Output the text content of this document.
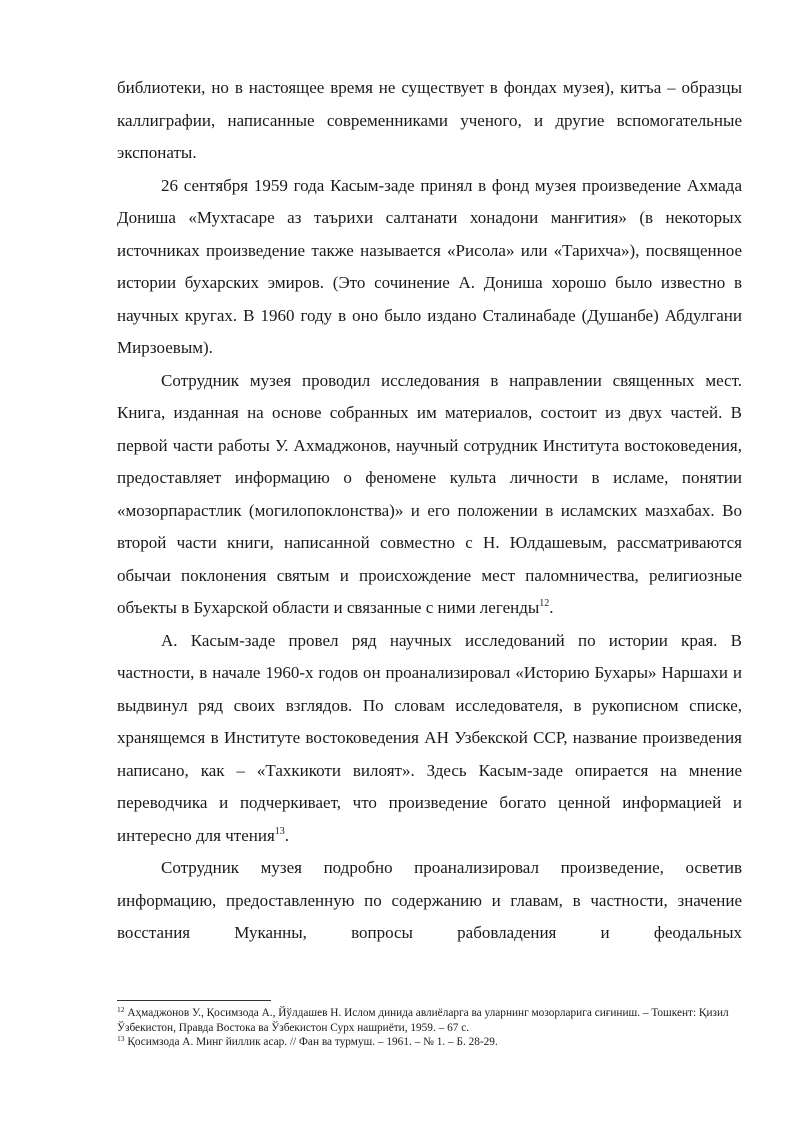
библиотеки, но в настоящее время не существует в фондах музея), китъа – образцы каллиграфии, написанные современниками ученого, и другие вспомогательные экспонаты.

26 сентября 1959 года Касым-заде принял в фонд музея произведение Ахмада Дониша «Мухтасаре аз таърихи салтанати хонадони манғития» (в некоторых источниках произведение также называется «Рисола» или «Тарихча»), посвященное истории бухарских эмиров. (Это сочинение А. Дониша хорошо было известно в научных кругах. В 1960 году в оно было издано Сталинабаде (Душанбе) Абдулгани Мирзоевым).

Сотрудник музея проводил исследования в направлении священных мест. Книга, изданная на основе собранных им материалов, состоит из двух частей. В первой части работы У. Ахмаджонов, научный сотрудник Института востоковедения, предоставляет информацию о феномене культа личности в исламе, понятии «мозорпарастлик (могилопоклонства)» и его положении в исламских мазхабах. Во второй части книги, написанной совместно с Н. Юлдашевым, рассматриваются обычаи поклонения святым и происхождение мест паломничества, религиозные объекты в Бухарской области и связанные с ними легенды$^{12}$.

А. Касым-заде провел ряд научных исследований по истории края. В частности, в начале 1960-х годов он проанализировал «Историю Бухары» Наршахи и выдвинул ряд своих взглядов. По словам исследователя, в рукописном списке, хранящемся в Институте востоковедения АН Узбекской ССР, название произведения написано, как – «Тахкикоти вилоят». Здесь Касым-заде опирается на мнение переводчика и подчеркивает, что произведение богато ценной информацией и интересно для чтения$^{13}$.

Сотрудник музея подробно проанализировал произведение, осветив информацию, предоставленную по содержанию и главам, в частности, значение восстания Муканны, вопросы рабовладения и феодальных

$^{12}$ Аҳмаджонов У., Қосимзода А., Йўлдашев Н. Ислом динида авлиёларга ва уларнинг мозорларига сиғиниш. – Тошкент: Қизил Ўзбекистон, Правда Востока ва Ўзбекистон Сурх нашриёти, 1959. – 67 с.

$^{13}$ Қосимзода А. Минг йиллик асар. // Фан ва турмуш. – 1961. – № 1. – Б. 28-29.
